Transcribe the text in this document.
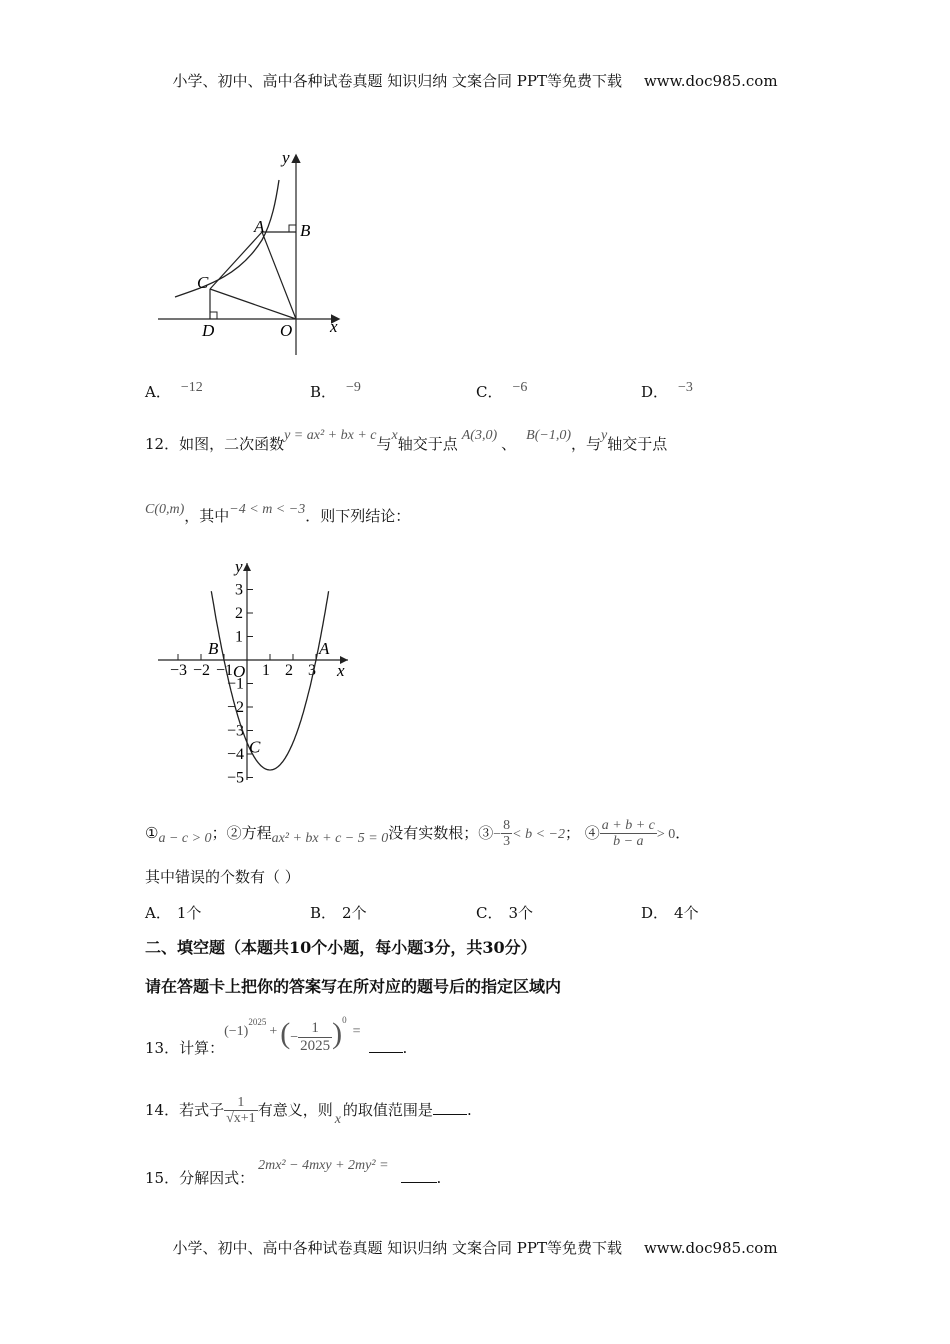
小学、初中、高中各种试卷真题 知识归纳 文案合同 PPT等免费下载 www.doc985.com
y
x
A B
C
D	O
A． −12	B． −9	C． −6	D． −3
12．如图，二次函数y = ax² + bx + c与x轴交于点 A(3,0) 、 B(−1,0)，与y轴交于点
C(0,m)，其中−4 < m < −3．则下列结论：
−3 −2 −1 1 2 3
3
2
1
−1
−2
−3
−4
−5
y
x
O
A
B
C
①a − c > 0；②方程ax² + bx + c − 5 = 0没有实数根；③− $\frac{8}{3} < b < -2$； ④ $\frac{a + b + c}{b - a} > 0$．
其中错误的个数有（ ）
A． 1个	B． 2个	C． 3个	D． 4个
二、填空题（本题共10个小题，每小题3分，共30分）
请在答题卡上把你的答案写在所对应的题号后的指定区域内
13．计算：$(-1)^{2025}+$ (− $\frac{1}{2025} )^0=$.
14．若式子 $\frac{1}{√x+1}$ 有意义，则x的取值范围是 .
15．分解因式：2mx² − 4mxy + 2my² =.
小学、初中、高中各种试卷真题 知识归纳 文案合同 PPT等免费下载 www.doc985.com
